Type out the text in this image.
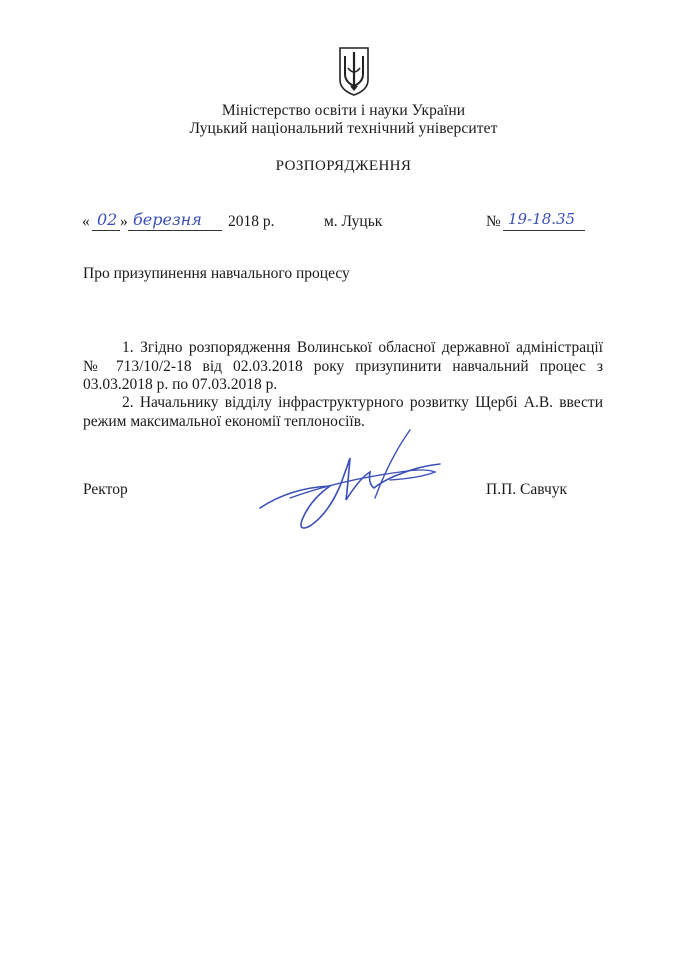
Міністерство освіти і науки України
Луцький національний технічний університет
РОЗПОРЯДЖЕННЯ
« 02 » березня 2018 р.	м. Луцьк	№ 19-18.35
Про призупинення навчального процесу
1. Згідно розпорядження Волинської обласної державної адміністрації
№ 713/10/2-18 від 02.03.2018 року призупинити навчальний процес з
03.03.2018 р. по 07.03.2018 р.
2. Начальнику відділу інфраструктурного розвитку Щербі А.В. ввести
режим максимальної економії теплоносіїв.
Ректор	П.П. Савчук
